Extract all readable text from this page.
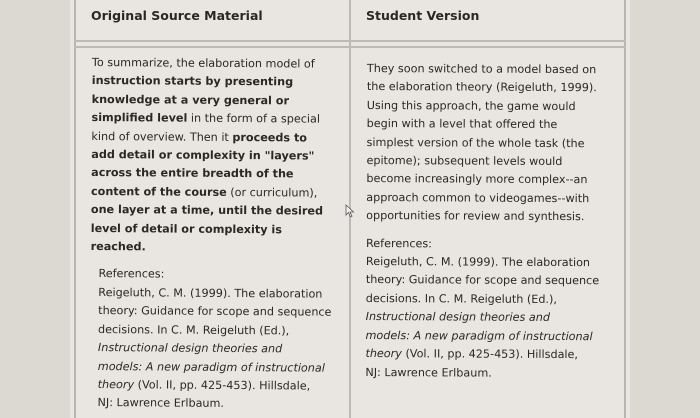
Original Source Material	Student Version
To summarize, the elaboration model of
instruction starts by presenting
knowledge at a very general or
simplified level in the form of a special
kind of overview. Then it proceeds to
add detail or complexity in "layers"
across the entire breadth of the
content of the course (or curriculum),
one layer at a time, until the desired
level of detail or complexity is
reached.
References:
Reigeluth, C. M. (1999). The elaboration
theory: Guidance for scope and sequence
decisions. In C. M. Reigeluth (Ed.),
Instructional design theories and
models: A new paradigm of instructional
theory (Vol. II, pp. 425-453). Hillsdale,
NJ: Lawrence Erlbaum.
They soon switched to a model based on
the elaboration theory (Reigeluth, 1999).
Using this approach, the game would
begin with a level that offered the
simplest version of the whole task (the
epitome); subsequent levels would
become increasingly more complex--an
approach common to videogames--with
opportunities for review and synthesis.
References:
Reigeluth, C. M. (1999). The elaboration
theory: Guidance for scope and sequence
decisions. In C. M. Reigeluth (Ed.),
Instructional design theories and
models: A new paradigm of instructional
theory (Vol. II, pp. 425-453). Hillsdale,
NJ: Lawrence Erlbaum.
